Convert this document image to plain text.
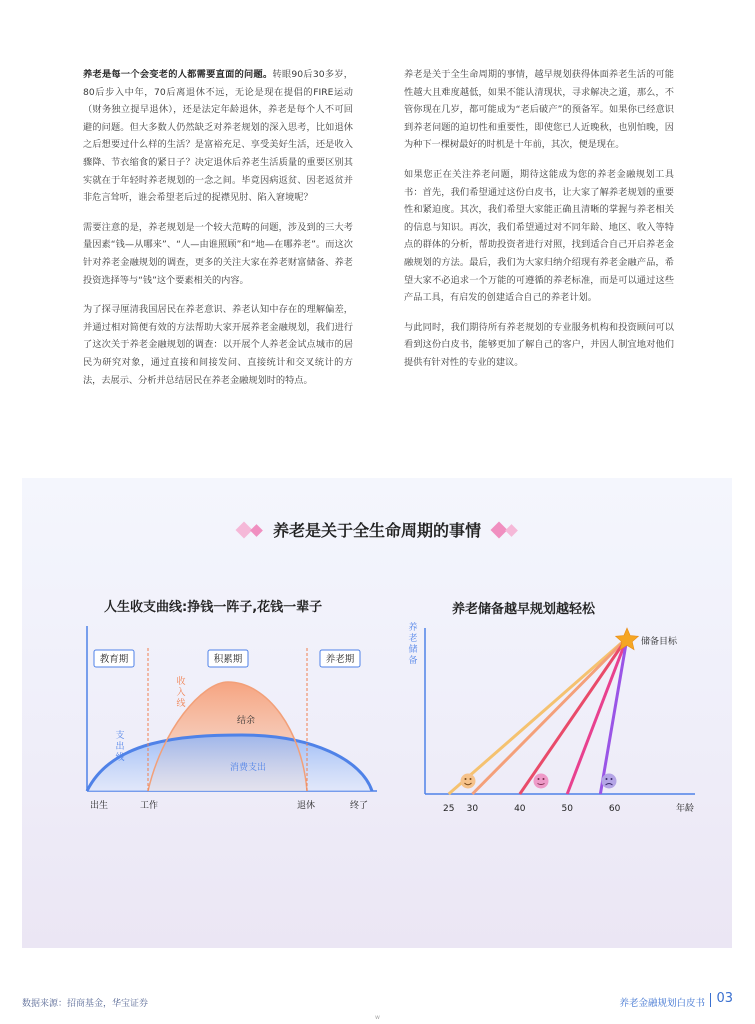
养老是每一个会变老的人都需要直面的问题。转眼90后30多岁，80后步入中年，70后离退休不远，无论是现在提倡的FIRE运动（财务独立提早退休），还是法定年龄退休，养老是每个人不可回避的问题。但大多数人仍然缺乏对养老规划的深入思考，比如退休之后想要过什么样的生活？是富裕充足、享受美好生活，还是收入骤降、节衣缩食的紧日子？决定退休后养老生活质量的重要区别其实就在于年轻时养老规划的一念之间。毕竟因病返贫、因老返贫并非危言耸听，谁会希望老后过的捉襟见肘、陷入窘境呢？

需要注意的是，养老规划是一个较大范畴的问题，涉及到的三大考量因素“钱—从哪来”、“人—由谁照顾”和“地—在哪养老”。而这次针对养老金融规划的调查，更多的关注大家在养老财富储备、养老投资选择等与“钱”这个要素相关的内容。

为了探寻厘清我国居民在养老意识、养老认知中存在的理解偏差，并通过相对简便有效的方法帮助大家开展养老金融规划，我们进行了这次关于养老金融规划的调查：以开展个人养老金试点城市的居民为研究对象，通过直接和间接发问、直接统计和交叉统计的方法，去展示、分析并总结居民在养老金融规划时的特点。

养老是关于全生命周期的事情，越早规划获得体面养老生活的可能性越大且难度越低，如果不能认清现状，寻求解决之道，那么，不管你现在几岁，都可能成为“老后破产”的预备军。如果你已经意识到养老问题的迫切性和重要性，即使您已人近晚秋，也别怕晚，因为种下一棵树最好的时机是十年前，其次，便是现在。

如果您正在关注养老问题，期待这能成为您的养老金融规划工具书：首先，我们希望通过这份白皮书，让大家了解养老规划的重要性和紧迫度。其次，我们希望大家能正确且清晰的掌握与养老相关的信息与知识。再次，我们希望通过对不同年龄、地区、收入等特点的群体的分析，帮助投资者进行对照，找到适合自己开启养老金融规划的方法。最后，我们为大家归纳介绍现有养老金融产品，希望大家不必追求一个万能的可遵循的养老标准，而是可以通过这些产品工具，有启发的创建适合自己的养老计划。

与此同时，我们期待所有养老规划的专业服务机构和投资顾问可以看到这份白皮书，能够更加了解自己的客户，并因人制宜地对他们提供有针对性的专业的建议。

养老是关于全生命周期的事情
人生收支曲线:挣钱一阵子,花钱一辈子	养老储备越早规划越轻松
教育期	积累期	养老期
收入线
支出线
结余
消费支出
出生	工作	退休	终了
养老储备
年龄
储备目标
25 30	40	50	60
数据来源：招商基金，华宝证券	养老金融规划白皮书 03
w
